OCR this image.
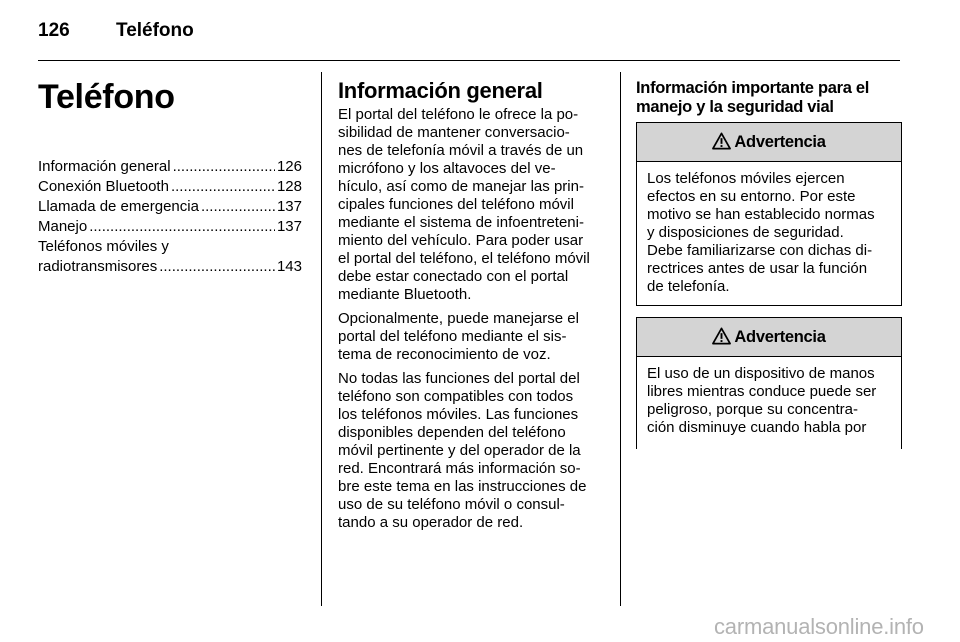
126 Teléfono
Teléfono
Información general .....	126
Conexión Bluetooth .....	128
Llamada de emergencia .....	137
Manejo .....	137
Teléfonos móviles y
radiotransmisores .....	143
Información general
El portal del teléfono le ofrece la po-
sibilidad de mantener conversacio-
nes de telefonía móvil a través de un
micrófono y los altavoces del ve-
hículo, así como de manejar las prin-
cipales funciones del teléfono móvil
mediante el sistema de infoentreteni-
miento del vehículo. Para poder usar
el portal del teléfono, el teléfono móvil
debe estar conectado con el portal
mediante Bluetooth.
Opcionalmente, puede manejarse el
portal del teléfono mediante el sis-
tema de reconocimiento de voz.
No todas las funciones del portal del
teléfono son compatibles con todos
los teléfonos móviles. Las funciones
disponibles dependen del teléfono
móvil pertinente y del operador de la
red. Encontrará más información so-
bre este tema en las instrucciones de
uso de su teléfono móvil o consul-
tando a su operador de red.
Información importante para el
manejo y la seguridad vial
Advertencia
Los teléfonos móviles ejercen
efectos en su entorno. Por este
motivo se han establecido normas
y disposiciones de seguridad.
Debe familiarizarse con dichas di-
rectrices antes de usar la función
de telefonía.
Advertencia
El uso de un dispositivo de manos
libres mientras conduce puede ser
peligroso, porque su concentra-
ción disminuye cuando habla por
carmanualsonline.info
